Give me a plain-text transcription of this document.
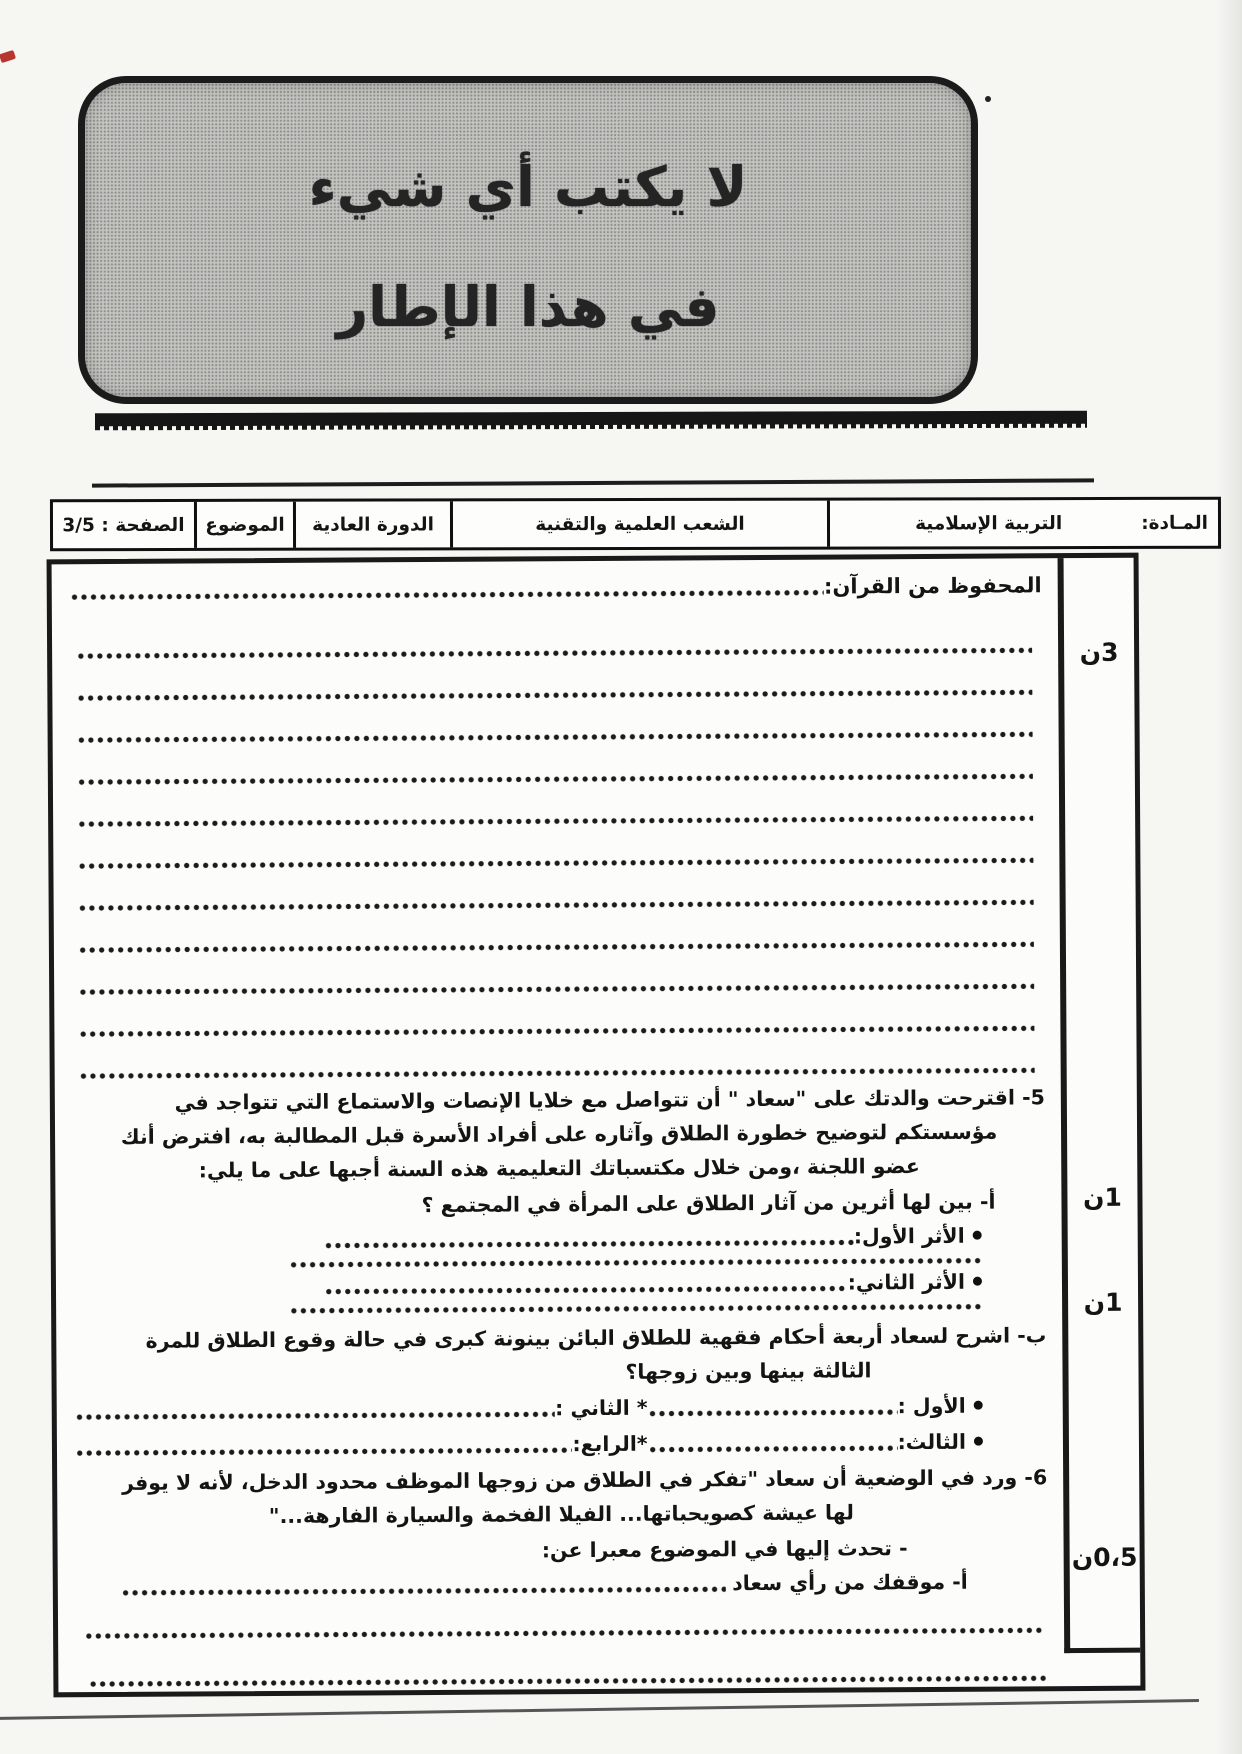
لا يكتب أي شيء
في هذا الإطار
المـادة:
التربية الإسلامية
الشعب العلمية والتقنية
الدورة العادية
الموضوع
الصفحة : 3/5
3ن
1ن
1ن
0،5ن
المحفوظ من القرآن:
5- اقترحت والدتك على "سعاد " أن تتواصل مع خلايا الإنصات والاستماع التي تتواجد في
مؤسستكم لتوضيح خطورة الطلاق وآثاره على أفراد الأسرة قبل المطالبة به، افترض أنك
عضو اللجنة ،ومن خلال مكتسباتك التعليمية هذه السنة أجبها على ما يلي:
أ- بين لها أثرين من آثار الطلاق على المرأة في المجتمع ؟
الأثر الأول:
الأثر الثاني:
ب- اشرح لسعاد أربعة أحكام فقهية للطلاق البائن بينونة كبرى في حالة وقوع الطلاق للمرة
الثالثة بينها وبين زوجها؟
الأول :
* الثاني :
الثالث:
*الرابع:
6- ورد في الوضعية أن سعاد "تفكر في الطلاق من زوجها الموظف محدود الدخل، لأنه لا يوفر
لها عيشة كصويحباتها... الفيلا الفخمة والسيارة الفارهة..."
- تحدث إليها في الموضوع معبرا عن:
أ- موقفك من رأي سعاد
